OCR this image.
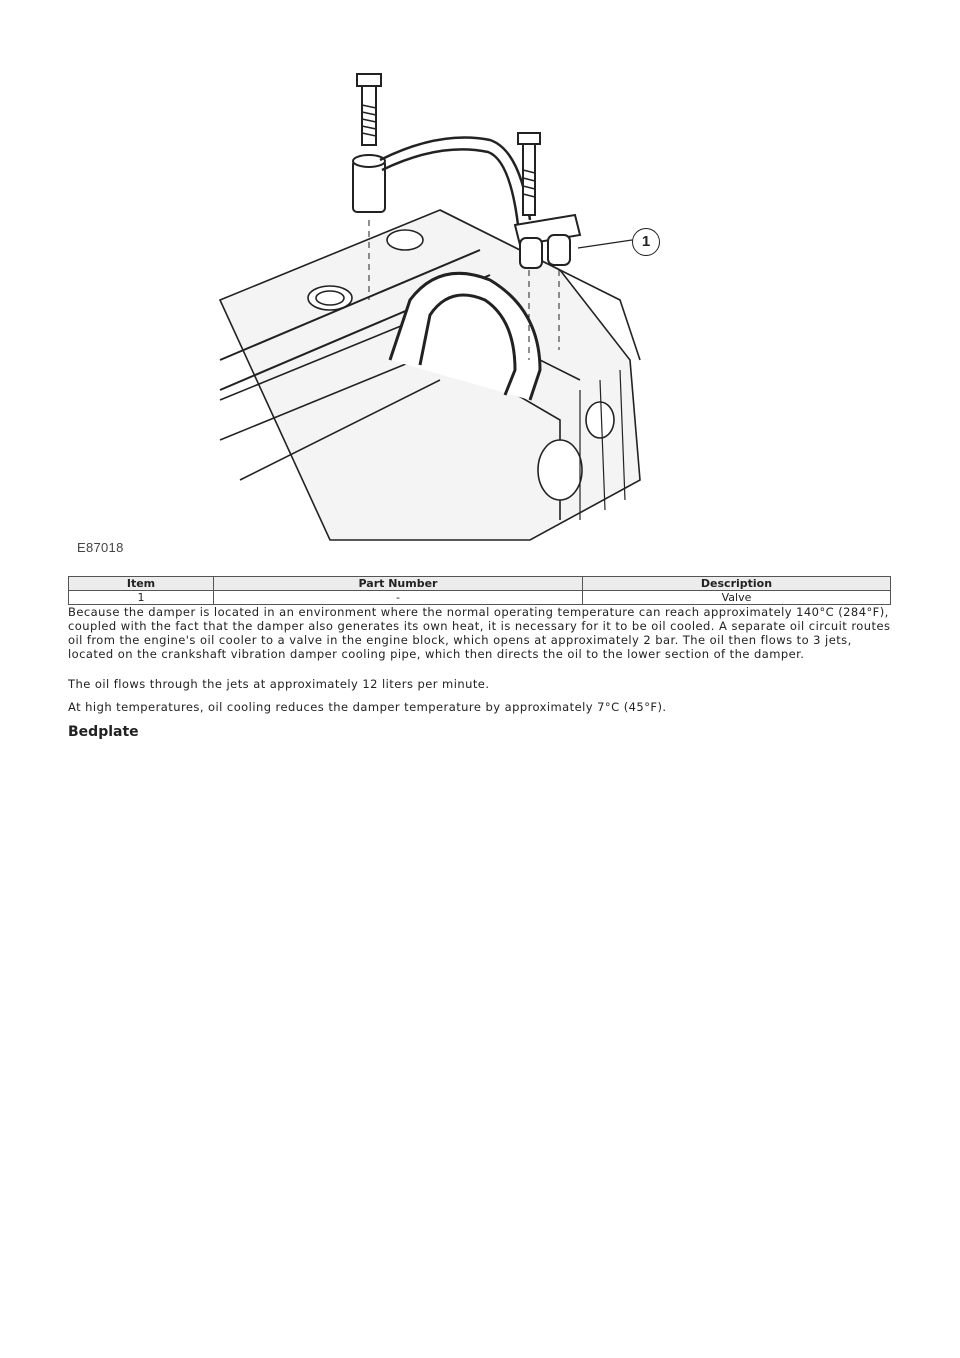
1
E87018
Item	Part Number	Description
1	-	Valve

Because the damper is located in an environment where the normal operating temperature can reach approximately 140°C (284°F), coupled with the fact that the damper also generates its own heat, it is necessary for it to be oil cooled. A separate oil circuit routes oil from the engine's oil cooler to a valve in the engine block, which opens at approximately 2 bar. The oil then flows to 3 jets, located on the crankshaft vibration damper cooling pipe, which then directs the oil to the lower section of the damper.

The oil flows through the jets at approximately 12 liters per minute.

At high temperatures, oil cooling reduces the damper temperature by approximately 7°C (45°F).

Bedplate
